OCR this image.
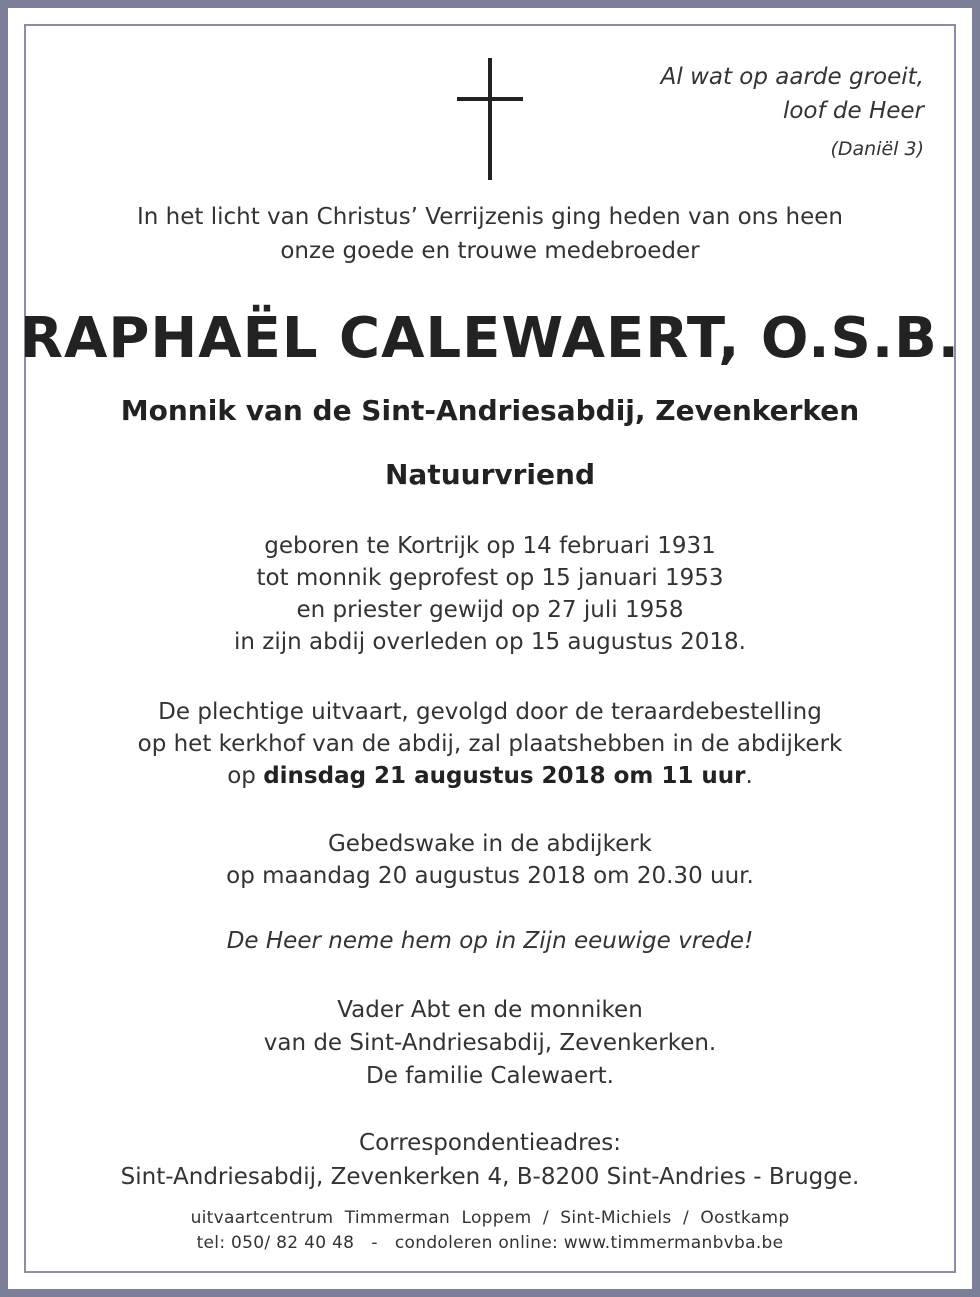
Al wat op aarde groeit,
loof de Heer
(Daniël 3)
In het licht van Christus’ Verrijzenis ging heden van ons heen
onze goede en trouwe medebroeder
RAPHAËL CALEWAERT, O.S.B.
Monnik van de Sint-Andriesabdij, Zevenkerken
Natuurvriend
geboren te Kortrijk op 14 februari 1931
tot monnik geprofest op 15 januari 1953
en priester gewijd op 27 juli 1958
in zijn abdij overleden op 15 augustus 2018.
De plechtige uitvaart, gevolgd door de teraardebestelling
op het kerkhof van de abdij, zal plaatshebben in de abdijkerk
op dinsdag 21 augustus 2018 om 11 uur.
Gebedswake in de abdijkerk
op maandag 20 augustus 2018 om 20.30 uur.
De Heer neme hem op in Zijn eeuwige vrede!
Vader Abt en de monniken
van de Sint-Andriesabdij, Zevenkerken.
De familie Calewaert.
Correspondentieadres:
Sint-Andriesabdij, Zevenkerken 4, B-8200 Sint-Andries - Brugge.
uitvaartcentrum  Timmerman  Loppem  /  Sint-Michiels  /  Oostkamp
tel: 050/ 82 40 48   -   condoleren online: www.timmermanbvba.be
